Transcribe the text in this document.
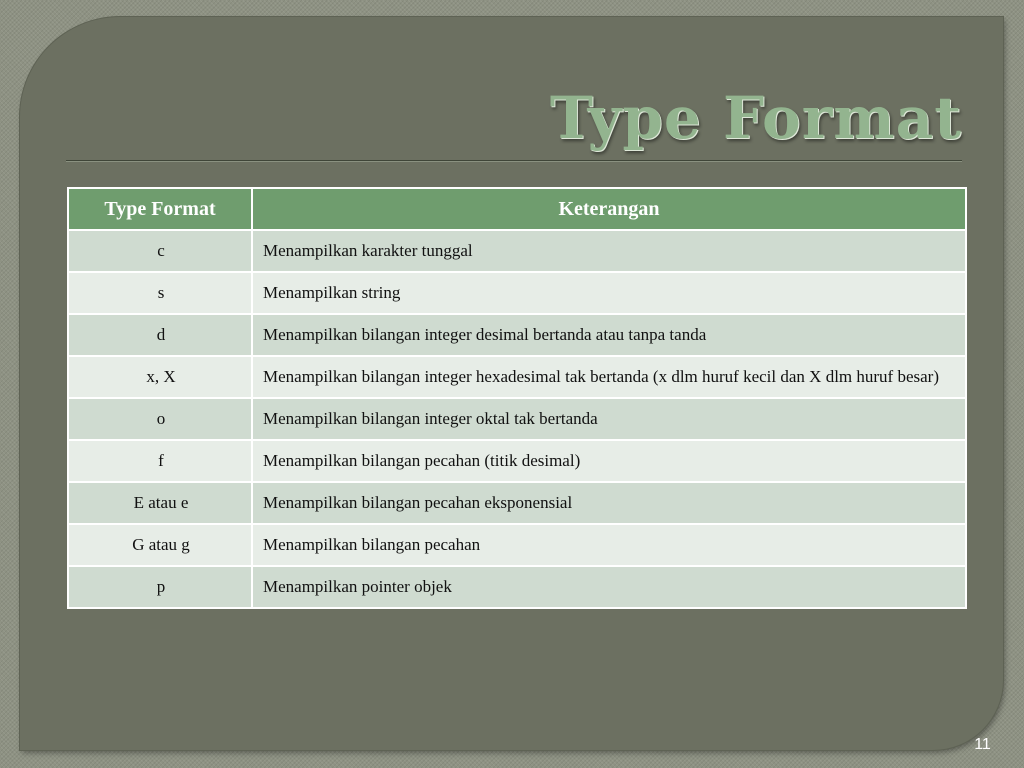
Type Format
Type Format	Keterangan
c	Menampilkan karakter tunggal
s	Menampilkan string
d	Menampilkan bilangan integer desimal bertanda atau tanpa tanda
x, X	Menampilkan bilangan integer hexadesimal tak bertanda (x dlm huruf kecil dan X dlm huruf besar)
o	Menampilkan bilangan integer oktal tak bertanda
f	Menampilkan bilangan pecahan (titik desimal)
E atau e	Menampilkan bilangan pecahan eksponensial
G atau g	Menampilkan bilangan pecahan
p	Menampilkan pointer objek
11
